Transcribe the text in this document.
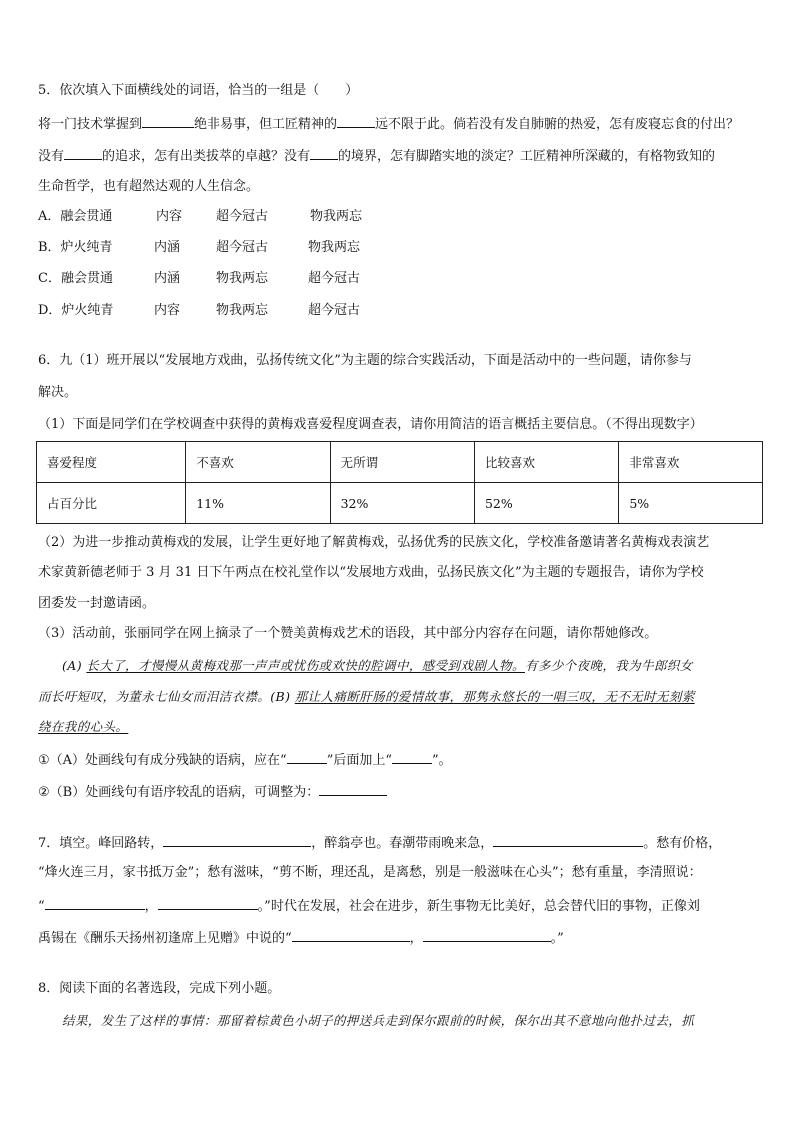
5．依次填入下面横线处的词语，恰当的一组是（　　）
将一门技术掌握到	绝非易事，但工匠精神的	远不限于此。倘若没有发自肺腑的热爱，怎有废寝忘食的付出？
没有	的追求，怎有出类拔萃的卓越？没有 的境界，怎有脚踏实地的淡定？工匠精神所深藏的，有格物致知的
生命哲学，也有超然达观的人生信念。
A．融会贯通	内容	超今冠古	物我两忘
B．炉火纯青	内涵	超今冠古	物我两忘
C．融会贯通	内涵	物我两忘	超今冠古
D．炉火纯青	内容	物我两忘	超今冠古
6．九（1）班开展以“发展地方戏曲，弘扬传统文化”为主题的综合实践活动，下面是活动中的一些问题，请你参与
解决。
（1）下面是同学们在学校调查中获得的黄梅戏喜爱程度调查表，请你用简洁的语言概括主要信息。（不得出现数字）
喜爱程度	不喜欢	无所谓	比较喜欢	非常喜欢
占百分比	11%	32%	52%	5%
（2）为进一步推动黄梅戏的发展，让学生更好地了解黄梅戏，弘扬优秀的民族文化，学校准备邀请著名黄梅戏表演艺
术家黄新德老师于 3 月 31 日下午两点在校礼堂作以“发展地方戏曲，弘扬民族文化”为主题的专题报告，请你为学校
团委发一封邀请函。
（3）活动前，张丽同学在网上摘录了一个赞美黄梅戏艺术的语段，其中部分内容存在问题，请你帮她修改。
(A) 长大了，才慢慢从黄梅戏那一声声或忧伤或欢快的腔调中，感受到戏剧人物。有多少个夜晚，我为牛郎织女
而长吁短叹，为董永七仙女而泪洁衣襟。(B) 那让人痛断肝肠的爱情故事，那隽永悠长的一唱三叹，无不无时无刻萦
绕在我的心头。
①（A）处画线句有成分残缺的语病，应在“	”后面加上“	”。
②（B）处画线句有语序较乱的语病，可调整为：
7．填空。峰回路转，	，醉翁亭也。春潮带雨晚来急，	。愁有价格，
“烽火连三月，家书抵万金”；愁有滋味，“剪不断，理还乱，是离愁，别是一般滋味在心头”；愁有重量，李清照说：
“	，	。”时代在发展，社会在进步，新生事物无比美好，总会替代旧的事物，正像刘
禹锡在《酬乐天扬州初逢席上见赠》中说的“	，	。”
8．阅读下面的名著选段，完成下列小题。
结果，发生了这样的事情：那留着棕黄色小胡子的押送兵走到保尔跟前的时候，保尔出其不意地向他扑过去，抓
